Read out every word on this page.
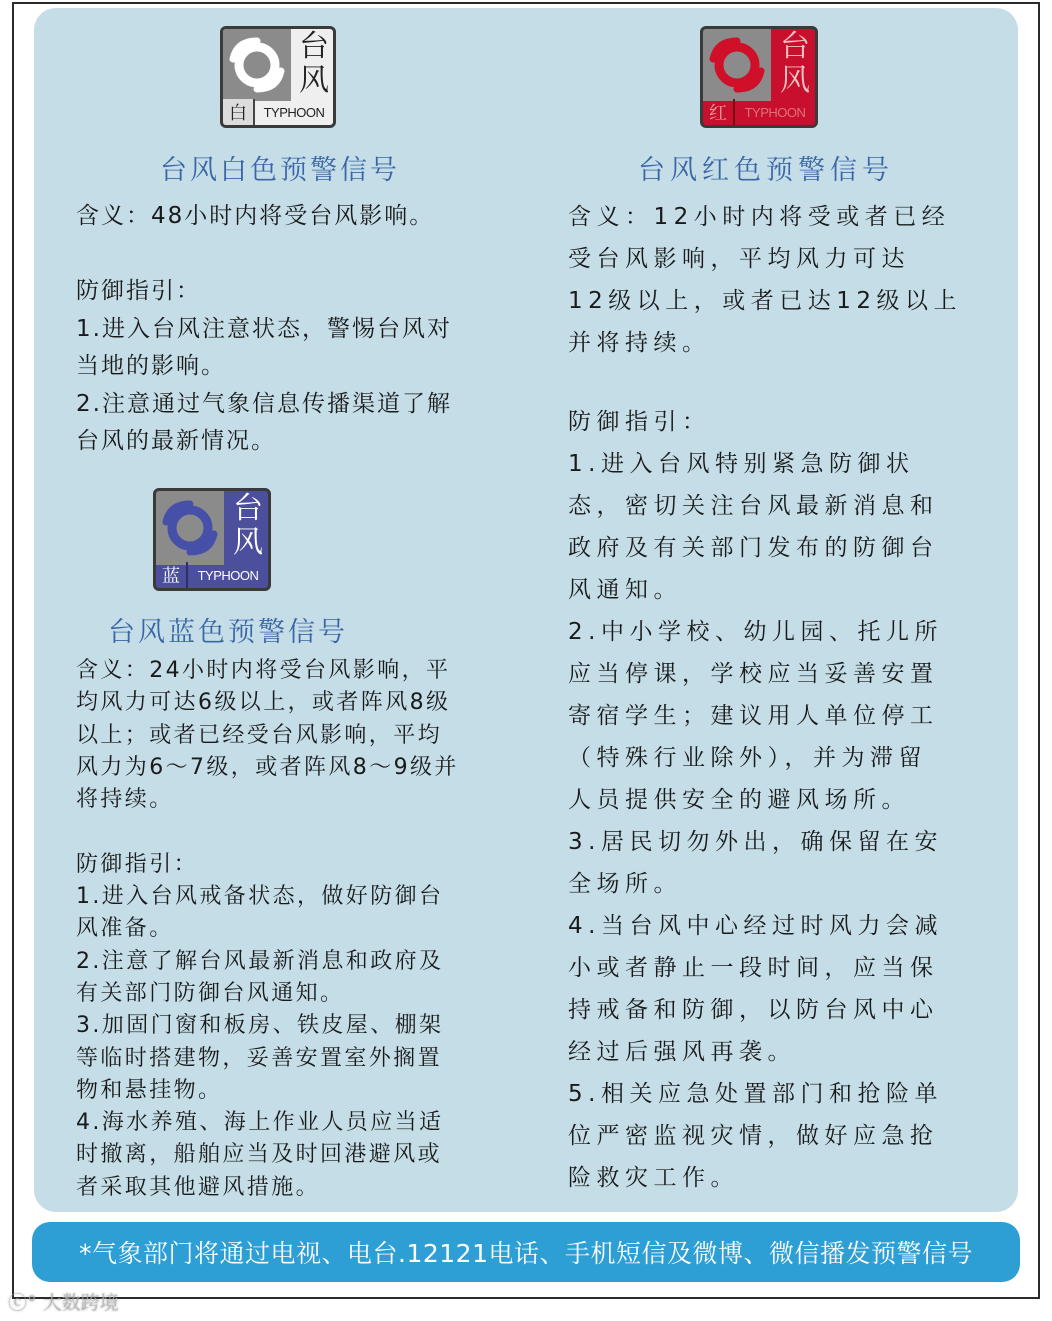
台
风
白	TYPHOON
台
风
红	TYPHOON
台
风
蓝	TYPHOON
台风白色预警信号	台风红色预警信号
台风蓝色预警信号

含义：48小时内将受台风影响。

防御指引：

1.进入台风注意状态，警惕台风对

当地的影响。

2.注意通过气象信息传播渠道了解

台风的最新情况。

含义：24小时内将受台风影响，平

均风力可达6级以上，或者阵风8级

以上；或者已经受台风影响，平均

风力为6～7级，或者阵风8～9级并

将持续。

防御指引：

1.进入台风戒备状态，做好防御台

风准备。

2.注意了解台风最新消息和政府及

有关部门防御台风通知。

3.加固门窗和板房、铁皮屋、棚架

等临时搭建物，妥善安置室外搁置

物和悬挂物。

4.海水养殖、海上作业人员应当适

时撤离，船舶应当及时回港避风或

者采取其他避风措施。

含义：12小时内将受或者已经

受台风影响，平均风力可达

12级以上，或者已达12级以上

并将持续。

防御指引：

1.进入台风特别紧急防御状

态，密切关注台风最新消息和

政府及有关部门发布的防御台

风通知。

2.中小学校、幼儿园、托儿所

应当停课，学校应当妥善安置

寄宿学生；建议用人单位停工

（特殊行业除外），并为滞留

人员提供安全的避风场所。

3.居民切勿外出，确保留在安

全场所。

4.当台风中心经过时风力会减

小或者静止一段时间，应当保

持戒备和防御，以防台风中心

经过后强风再袭。

5.相关应急处置部门和抢险单

位严密监视灾情，做好应急抢

险救灾工作。

*气象部门将通过电视、电台.12121电话、手机短信及微博、微信播发预警信号
ⓒ° 大数跨境
